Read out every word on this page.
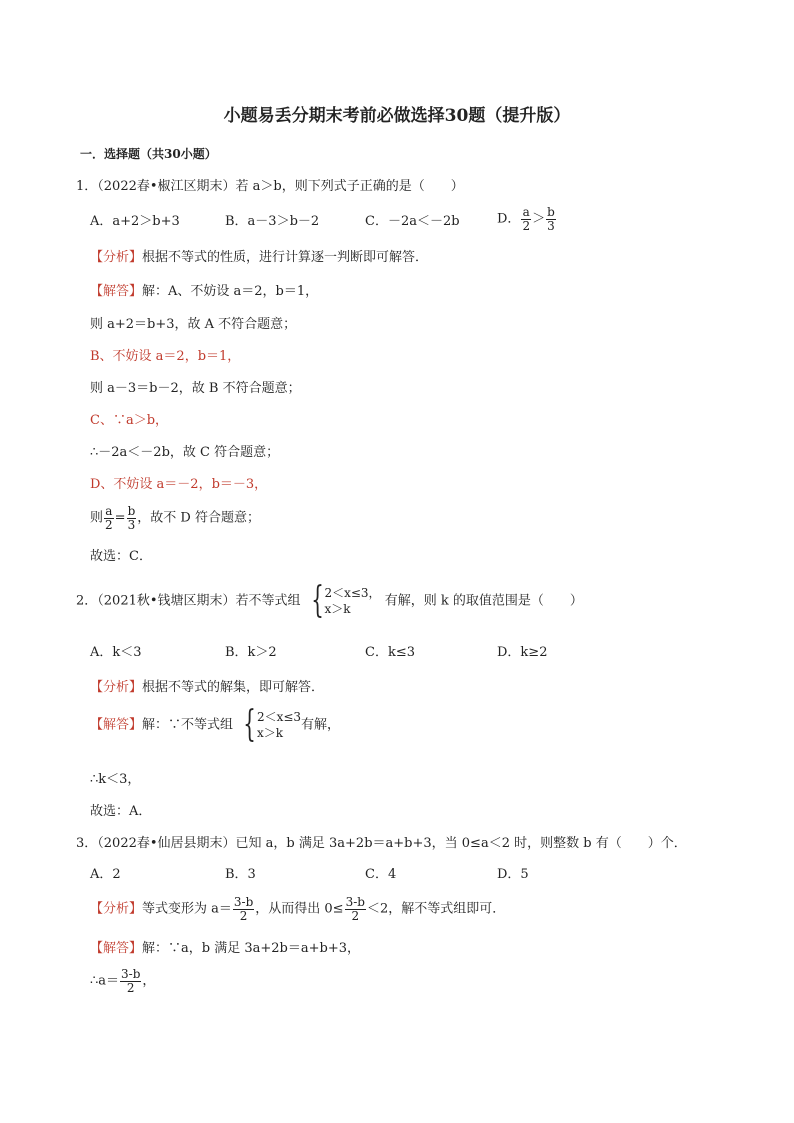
小题易丢分期末考前必做选择30题（提升版）
一．选择题（共30小题）
1．（2022春•椒江区期末）若 a＞b，则下列式子正确的是（　　）
A．a+2＞b+3	B．a－3＞b－2	C．－2a＜－2b	D． $\frac{a}{2} > \frac{b}{3}$
【分析】根据不等式的性质，进行计算逐一判断即可解答．
【解答】解：A、不妨设 a＝2，b＝1，
则 a+2＝b+3，故 A 不符合题意；
B、不妨设 a＝2，b＝1，
则 a－3＝b－2，故 B 不符合题意；
C、∵a＞b，
∴－2a＜－2b，故 C 符合题意；
D、不妨设 a＝－2，b＝－3，
则 $\frac{a}{2} = \frac{b}{3}$ ，故不 D 符合题意；
故选：C．
2．（2021秋•钱塘区期末）若不等式组 { 2＜x≤3，
x＞k
有解，则 k 的取值范围是（　　）
A．k＜3	B．k＞2	C．k≤3	D．k≥2
【分析】根据不等式的解集，即可解答．
【解答】解：∵不等式组 { 2＜x≤3
x＞k
有解，
∴k＜3，
故选：A．
3．（2022春•仙居县期末）已知 a，b 满足 3a+2b＝a+b+3，当 0≤a＜2 时，则整数 b 有（　　）个．
A．2	B．3	C．4	D．5
【分析】等式变形为 $a= \frac{3-b}{2}$ ，从而得出 $0\le \frac{3-b}{2} <2$，解不等式组即可．
【解答】解：∵a，b 满足 3a+2b＝a+b+3，
∴a＝ $\frac{3-b}{2}$ ，
